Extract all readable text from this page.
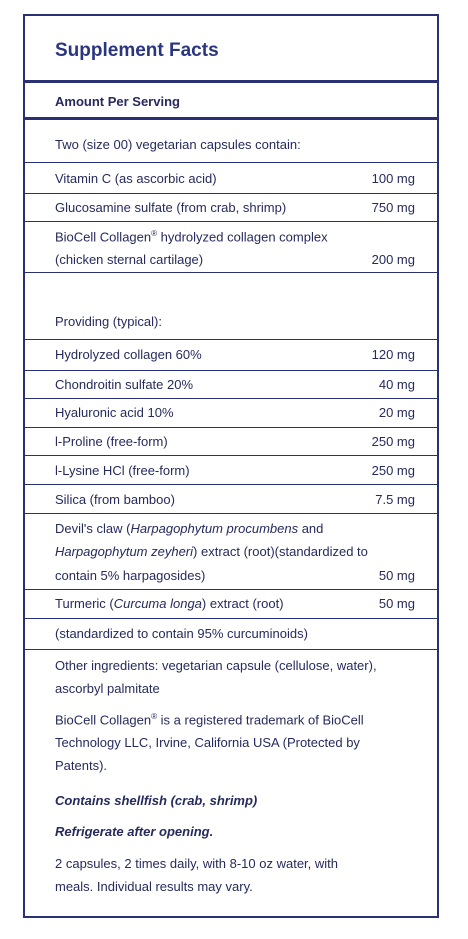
Supplement Facts
Amount Per Serving
Two (size 00) vegetarian capsules contain:
Vitamin C (as ascorbic acid)	100 mg
Glucosamine sulfate (from crab, shrimp)	750 mg
BioCell Collagen® hydrolyzed collagen complex
(chicken sternal cartilage)	200 mg
Providing (typical):
Hydrolyzed collagen 60%	120 mg
Chondroitin sulfate 20%	40 mg
Hyaluronic acid 10%	20 mg
l-Proline (free-form)	250 mg
l-Lysine HCl (free-form)	250 mg
Silica (from bamboo)	7.5 mg
Devil's claw (Harpagophytum procumbens and
Harpagophytum zeyheri) extract (root)(standardized to
contain 5% harpagosides)	50 mg
Turmeric (Curcuma longa) extract (root)	50 mg
(standardized to contain 95% curcuminoids)
Other ingredients: vegetarian capsule (cellulose, water),
ascorbyl palmitate
BioCell Collagen® is a registered trademark of BioCell
Technology LLC, Irvine, California USA (Protected by
Patents).
Contains shellfish (crab, shrimp)
Refrigerate after opening.
2 capsules, 2 times daily, with 8-10 oz water, with
meals. Individual results may vary.
